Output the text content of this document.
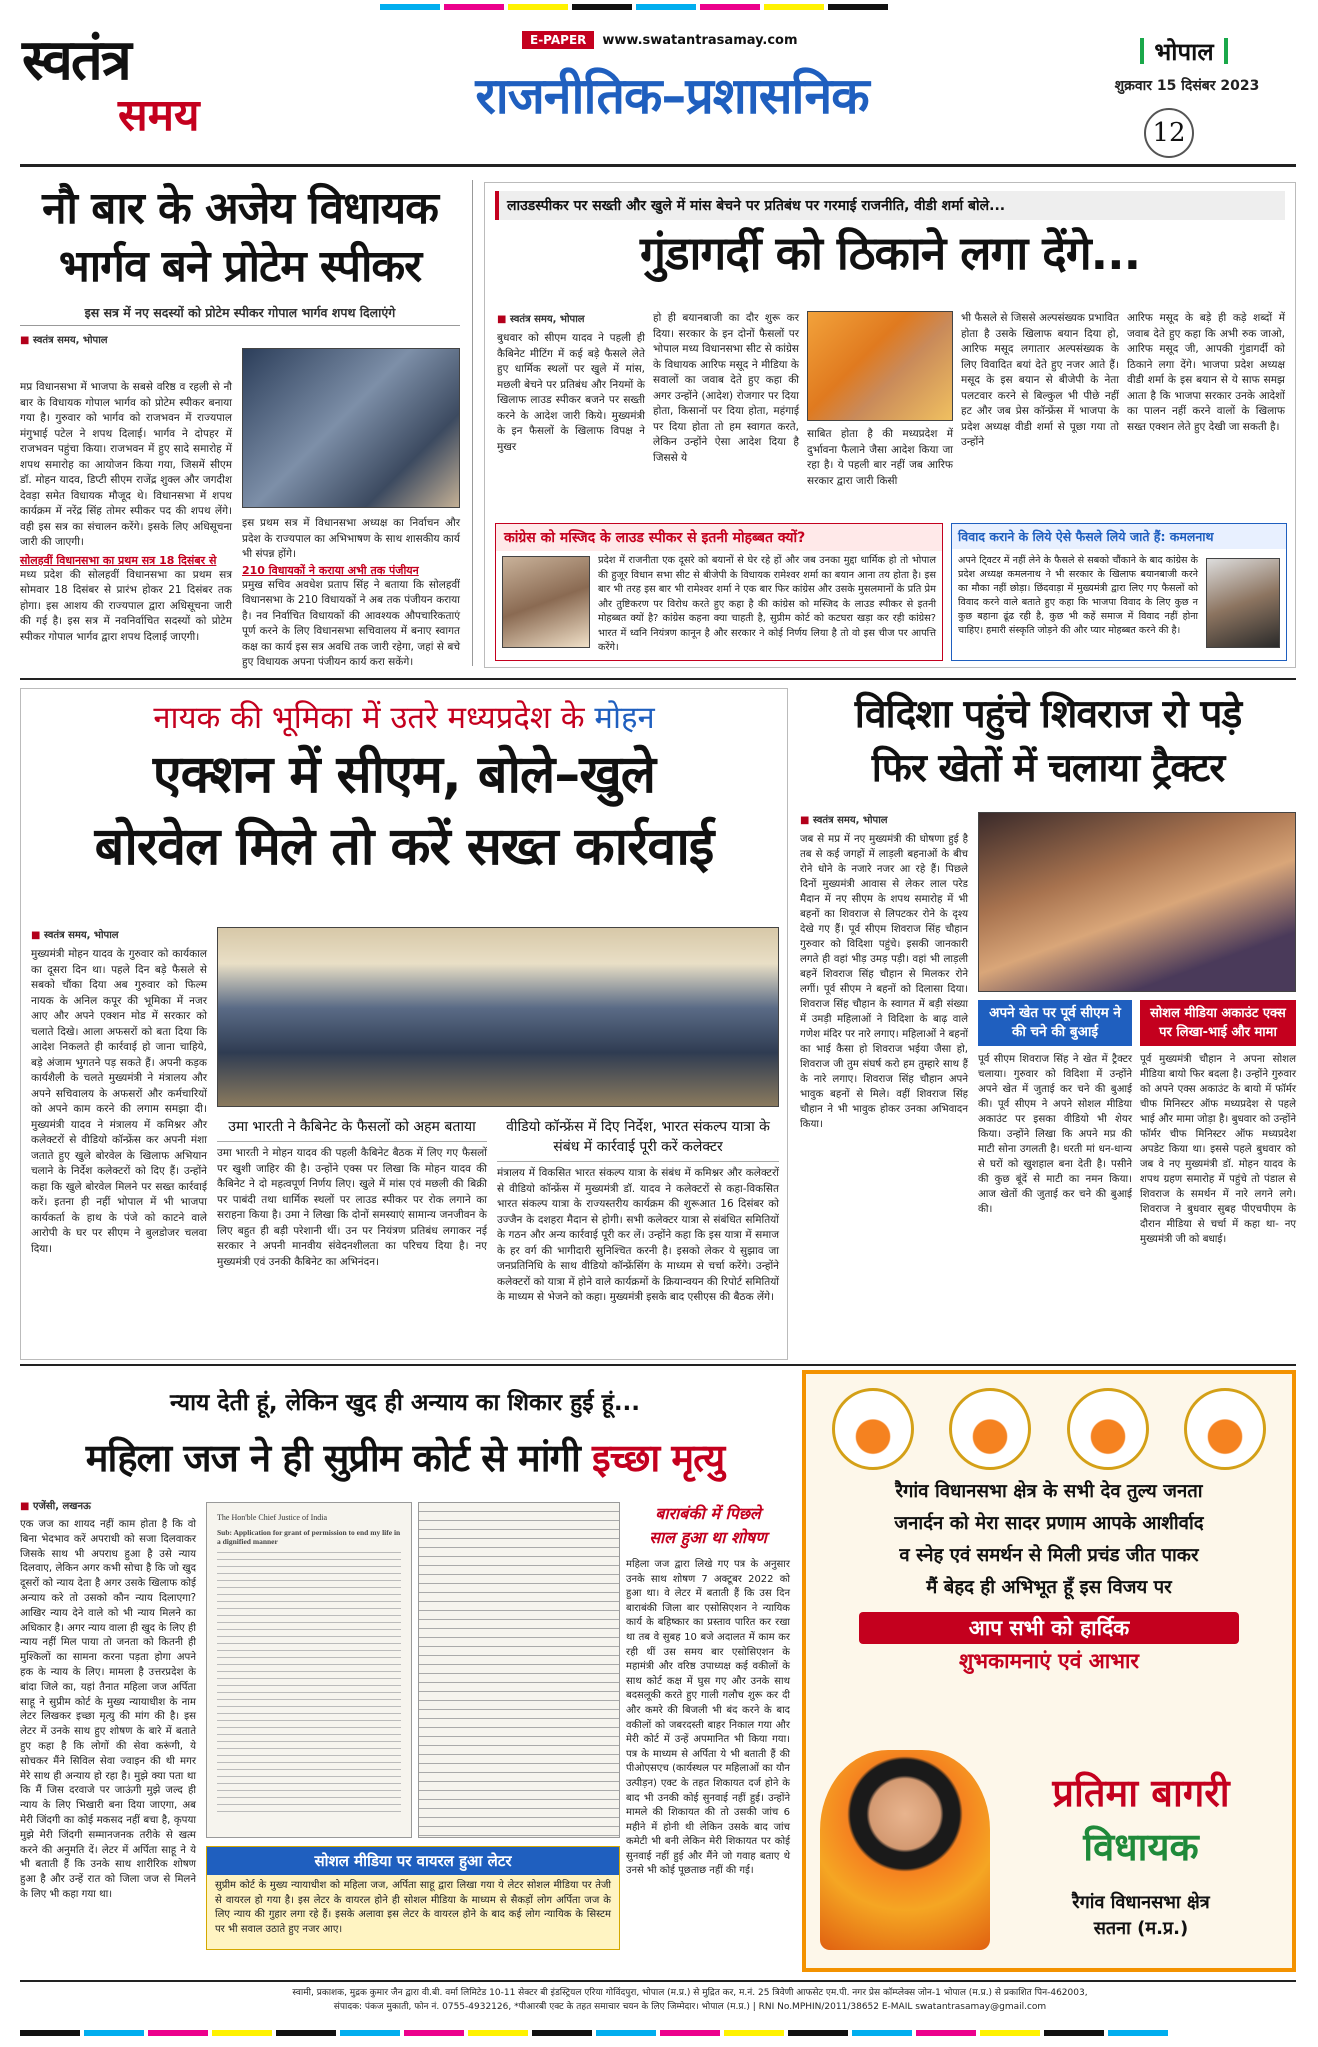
स्वतंत्र
समय
E-PAPER	www.swatantrasamay.com
राजनीतिक–प्रशासनिक
भोपाल
शुक्रवार 15 दिसंबर 2023
12
नौ बार के अजेय विधायक
भार्गव बने प्रोटेम स्पीकर
इस सत्र में नए सदस्यों को प्रोटेम स्पीकर गोपाल भार्गव शपथ दिलाएंगे
■ स्वतंत्र समय, भोपाल
मप्र विधानसभा में भाजपा के सबसे वरिष्ठ व रहली से नौ बार के विधायक गोपाल भार्गव को प्रोटेम स्पीकर बनाया गया है। गुरुवार को भार्गव को राजभवन में राज्यपाल मंगुभाई पटेल ने शपथ दिलाई। भार्गव ने दोपहर में राजभवन पहुंचा किया। राजभवन में हुए सादे समारोह में शपथ समारोह का आयोजन किया गया, जिसमें सीएम डॉ. मोहन यादव, डिप्टी सीएम राजेंद्र शुक्ल और जगदीश देवड़ा समेत विधायक मौजूद थे। विधानसभा में शपथ कार्यक्रम में नरेंद्र सिंह तोमर स्पीकर पद की शपथ लेंगे। वही इस सत्र का संचालन करेंगे। इसके लिए अधिसूचना जारी की जाएगी।
सोलहवीं विधानसभा का प्रथम सत्र 18 दिसंबर से
मध्य प्रदेश की सोलहवीं विधानसभा का प्रथम सत्र सोमवार 18 दिसंबर से प्रारंभ होकर 21 दिसंबर तक होगा। इस आशय की राज्यपाल द्वारा अधिसूचना जारी की गई है। इस सत्र में नवनिर्वाचित सदस्यों को प्रोटेम स्पीकर गोपाल भार्गव द्वारा शपथ दिलाई जाएगी।
इस प्रथम सत्र में विधानसभा अध्यक्ष का निर्वाचन और प्रदेश के राज्यपाल का अभिभाषण के साथ शासकीय कार्य भी संपन्न होंगे।
210 विधायकों ने कराया अभी तक पंजीयन
प्रमुख सचिव अवधेश प्रताप सिंह ने बताया कि सोलहवीं विधानसभा के 210 विधायकों ने अब तक पंजीयन कराया है। नव निर्वाचित विधायकों की आवश्यक औपचारिकताएं पूर्ण करने के लिए विधानसभा सचिवालय में बनाए स्वागत कक्ष का कार्य इस सत्र अवधि तक जारी रहेगा, जहां से बचे हुए विधायक अपना पंजीयन कार्य करा सकेंगे।
लाउडस्पीकर पर सख्ती और खुले में मांस बेचने पर प्रतिबंध पर गरमाई राजनीति, वीडी शर्मा बोले...
गुंडागर्दी को ठिकाने लगा देंगे...
■ स्वतंत्र समय, भोपाल
बुधवार को सीएम यादव ने पहली ही कैबिनेट मीटिंग में कई बड़े फैसले लेते हुए धार्मिक स्थलों पर खुले में मांस, मछली बेचने पर प्रतिबंध और नियमों के खिलाफ लाउड स्पीकर बजने पर सख्ती करने के आदेश जारी किये। मुख्यमंत्री के इन फैसलों के खिलाफ विपक्ष ने मुखर
हो ही बयानबाजी का दौर शुरू कर दिया। सरकार के इन दोनों फैसलों पर भोपाल मध्य विधानसभा सीट से कांग्रेस के विधायक आरिफ मसूद ने मीडिया के सवालों का जवाब देते हुए कहा की अगर उन्होंने (आदेश) रोजगार पर दिया होता, किसानों पर दिया होता, महंगाई पर दिया होता तो हम स्वागत करते, लेकिन उन्होंने ऐसा आदेश दिया है जिससे ये
साबित होता है की मध्यप्रदेश में दुर्भावना फैलाने जैसा आदेश किया जा रहा है। ये पहली बार नहीं जब आरिफ सरकार द्वारा जारी किसी
भी फैसले से जिससे अल्पसंख्यक प्रभावित होता है उसके खिलाफ बयान दिया हो, आरिफ मसूद लगातार अल्पसंख्यक के लिए विवादित बयां देते हुए नजर आते हैं। मसूद के इस बयान से बीजेपी के नेता पलटवार करने से बिल्कुल भी पीछे नहीं हट और जब प्रेस कॉन्फ्रेंस में भाजपा के प्रदेश अध्यक्ष वीडी शर्मा से पूछा गया तो उन्होंने
आरिफ मसूद के बड़े ही कड़े शब्दों में जवाब देते हुए कहा कि अभी रुक जाओ, आरिफ मसूद जी, आपकी गुंडागर्दी को ठिकाने लगा देंगे। भाजपा प्रदेश अध्यक्ष वीडी शर्मा के इस बयान से ये साफ समझ आता है कि भाजपा सरकार उनके आदेशों का पालन नहीं करने वालों के खिलाफ सख्त एक्शन लेते हुए देखी जा सकती है।
कांग्रेस को मस्जिद के लाउड स्पीकर से इतनी मोहब्बत क्यों?
प्रदेश में राजनीता एक दूसरे को बयानों से घेर रहे हों और जब उनका मुद्दा धार्मिक हो तो भोपाल की हुजूर विधान सभा सीट से बीजेपी के विधायक रामेश्वर शर्मा का बयान आना तय होता है। इस बार भी तरह इस बार भी रामेश्वर शर्मा ने एक बार फिर कांग्रेस और उसके मुसलमानों के प्रति प्रेम और तुष्टिकरण पर विरोध करते हुए कहा है की कांग्रेस को मस्जिद के लाउड स्पीकर से इतनी मोहब्बत क्यों है? कांग्रेस कहना क्या चाहती है, सुप्रीम कोर्ट को कटघरा खड़ा कर रही कांग्रेस? भारत में ध्वनि नियंत्रण कानून है और सरकार ने कोई निर्णय लिया है तो वो इस चीज पर आपत्ति करेंगे।
विवाद कराने के लिये ऐसे फैसले लिये जाते हैं: कमलनाथ
अपने टि्वटर में नहीं लेने के फैसले से सबको चौंकाने के बाद कांग्रेस के प्रदेश अध्यक्ष कमलनाथ ने भी सरकार के खिलाफ बयानबाजी करने का मौका नहीं छोड़ा। छिंदवाड़ा में मुख्यमंत्री द्वारा लिए गए फैसलों को विवाद करने वाले बताते हुए कहा कि भाजपा विवाद के लिए कुछ न कुछ बहाना ढूंढ रही है, कुछ भी कहें समाज में विवाद नहीं होना चाहिए। हमारी संस्कृति जोड़ने की और प्यार मोहब्बत करने की है।
नायक की भूमिका में उतरे मध्यप्रदेश के मोहन
एक्शन में सीएम, बोले–खुले
बोरवेल मिले तो करें सख्त कार्रवाई
■ स्वतंत्र समय, भोपाल
मुख्यमंत्री मोहन यादव के गुरुवार को कार्यकाल का दूसरा दिन था। पहले दिन बड़े फैसले से सबको चौंका दिया अब गुरुवार को फिल्म नायक के अनिल कपूर की भूमिका में नजर आए और अपने एक्शन मोड में सरकार को चलाते दिखे। आला अफसरों को बता दिया कि आदेश निकलते ही कार्रवाई हो जाना चाहिये, बड़े अंजाम भुगतने पड़ सकते हैं। अपनी कड़क कार्यशैली के चलते मुख्यमंत्री ने मंत्रालय और अपने सचिवालय के अफसरों और कर्मचारियों को अपने काम करने की लगाम समझा दी। मुख्यमंत्री यादव ने मंत्रालय में कमिश्नर और कलेक्टरों से वीडियो कॉन्फ्रेंस कर अपनी मंशा जताते हुए खुले बोरवेल के खिलाफ अभियान चलाने के निर्देश कलेक्टरों को दिए हैं। उन्होंने कहा कि खुले बोरवेल मिलने पर सख्त कार्रवाई करें। इतना ही नहीं भोपाल में भी भाजपा कार्यकर्ता के हाथ के पंजे को काटने वाले आरोपी के घर पर सीएम ने बुलडोजर चलवा दिया।
उमा भारती ने कैबिनेट के फैसलों को अहम बताया
उमा भारती ने मोहन यादव की पहली कैबिनेट बैठक में लिए गए फैसलों पर खुशी जाहिर की है। उन्होंने एक्स पर लिखा कि मोहन यादव की कैबिनेट ने दो महत्वपूर्ण निर्णय लिए। खुले में मांस एवं मछली की बिक्री पर पाबंदी तथा धार्मिक स्थलों पर लाउड स्पीकर पर रोक लगाने का सराहना किया है। उमा ने लिखा कि दोनों समस्याएं सामान्य जनजीवन के लिए बहुत ही बड़ी परेशानी थीं। उन पर नियंत्रण प्रतिबंध लगाकर नई सरकार ने अपनी मानवीय संवेदनशीलता का परिचय दिया है। नए मुख्यमंत्री एवं उनकी कैबिनेट का अभिनंदन।
वीडियो कॉन्फ्रेंस में दिए निर्देश, भारत संकल्प यात्रा के संबंध में कार्रवाई पूरी करें कलेक्टर
मंत्रालय में विकसित भारत संकल्प यात्रा के संबंध में कमिश्नर और कलेक्टरों से वीडियो कॉन्फ्रेंस में मुख्यमंत्री डॉ. यादव ने कलेक्टरों से कहा-विकसित भारत संकल्प यात्रा के राज्यस्तरीय कार्यक्रम की शुरूआत 16 दिसंबर को उज्जैन के दशहरा मैदान से होगी। सभी कलेक्टर यात्रा से संबंधित समितियों के गठन और अन्य कार्रवाई पूरी कर लें। उन्होंने कहा कि इस यात्रा में समाज के हर वर्ग की भागीदारी सुनिश्चित करनी है। इसको लेकर ये सुझाव जा जनप्रतिनिधि के साथ वीडियो कॉन्फ्रेंसिंग के माध्यम से चर्चा करेंगे। उन्होंने कलेक्टरों को यात्रा में होने वाले कार्यक्रमों के क्रियान्वयन की रिपोर्ट समितियों के माध्यम से भेजने को कहा। मुख्यमंत्री इसके बाद एसीएस की बैठक लेंगे।
विदिशा पहुंचे शिवराज रो पड़े
फिर खेतों में चलाया ट्रैक्टर
■ स्वतंत्र समय, भोपाल
जब से मप्र में नए मुख्यमंत्री की घोषणा हुई है तब से कई जगहों में लाड़ली बहनाओं के बीच रोने धोने के नजारे नजर आ रहे हैं। पिछले दिनों मुख्यमंत्री आवास से लेकर लाल परेड मैदान में नए सीएम के शपथ समारोह में भी बहनों का शिवराज से लिपटकर रोने के दृश्य देखे गए हैं। पूर्व सीएम शिवराज सिंह चौहान गुरुवार को विदिशा पहुंचे। इसकी जानकारी लगते ही वहां भीड़ उमड़ पड़ी। वहां भी लाड़ली बहनें शिवराज सिंह चौहान से मिलकर रोने लगीं। पूर्व सीएम ने बहनों को दिलासा दिया। शिवराज सिंह चौहान के स्वागत में बड़ी संख्या में उमड़ी महिलाओं ने विदिशा के बाढ़ वाले गणेश मंदिर पर नारे लगाए। महिलाओं ने बहनों का भाई कैसा हो शिवराज भईया जैसा हो, शिवराज जी तुम संघर्ष करो हम तुम्हारे साथ हैं के नारे लगाए। शिवराज सिंह चौहान अपने भावुक बहनों से मिले। वहीं शिवराज सिंह चौहान ने भी भावुक होकर उनका अभिवादन किया।
अपने खेत पर पूर्व सीएम ने की चने की बुआई
पूर्व सीएम शिवराज सिंह ने खेत में ट्रैक्टर चलाया। गुरुवार को विदिशा में उन्होंने अपने खेत में जुताई कर चने की बुआई की। पूर्व सीएम ने अपने सोशल मीडिया अकाउंट पर इसका वीडियो भी शेयर किया। उन्होंने लिखा कि अपने मप्र की माटी सोना उगलती है। धरती मां धन-धान्य से घरों को खुशहाल बना देती है। पसीने की कुछ बूंदें से माटी का नमन किया। आज खेतों की जुताई कर चने की बुआई की।
सोशल मीडिया अकाउंट एक्स पर लिखा-भाई और मामा
पूर्व मुख्यमंत्री चौहान ने अपना सोशल मीडिया बायो फिर बदला है। उन्होंने गुरुवार को अपने एक्स अकाउंट के बायो में फॉर्मर चीफ मिनिस्टर ऑफ मध्यप्रदेश से पहले भाई और मामा जोड़ा है। बुधवार को उन्होंने फॉर्मर चीफ मिनिस्टर ऑफ मध्यप्रदेश अपडेट किया था। इससे पहले बुधवार को जब वे नए मुख्यमंत्री डॉ. मोहन यादव के शपथ ग्रहण समारोह में पहुंचे तो पंडाल से शिवराज के समर्थन में नारे लगने लगे। शिवराज ने बुधवार सुबह पीएचपीएम के दौरान मीडिया से चर्चा में कहा था- नए मुख्यमंत्री जी को बधाई।
न्याय देती हूं, लेकिन खुद ही अन्याय का शिकार हुई हूं...
महिला जज ने ही सुप्रीम कोर्ट से मांगी इच्छा मृत्यु
■ एजेंसी, लखनऊ
एक जज का शायद नहीं काम होता है कि वो बिना भेदभाव करें अपराधी को सजा दिलवाकर जिसके साथ भी अपराध हुआ है उसे न्याय दिलवाए, लेकिन अगर कभी सोचा है कि जो खुद दूसरों को न्याय देता है अगर उसके खिलाफ कोई अन्याय करे तो उसको कौन न्याय दिलाएगा? आखिर न्याय देने वाले को भी न्याय मिलने का अधिकार है। अगर न्याय वाला ही खुद के लिए ही न्याय नहीं मिल पाया तो जनता को कितनी ही मुश्किलों का सामना करना पड़ता होगा अपने हक के न्याय के लिए। मामला है उत्तरप्रदेश के बांदा जिले का, यहां तैनात महिला जज अर्पिता साहू ने सुप्रीम कोर्ट के मुख्य न्यायाधीश के नाम लेटर लिखकर इच्छा मृत्यु की मांग की है। इस लेटर में उनके साथ हुए शोषण के बारे में बताते हुए कहा है कि लोगों की सेवा करूंगी, ये सोचकर मैंने सिविल सेवा ज्वाइन की थी मगर मेरे साथ ही अन्याय हो रहा है। मुझे क्या पता था कि मैं जिस दरवाजे पर जाऊंगी मुझे जल्द ही न्याय के लिए भिखारी बना दिया जाएगा, अब मेरी जिंदगी का कोई मकसद नहीं बचा है, कृपया मुझे मेरी जिंदगी सम्मानजनक तरीके से खत्म करने की अनुमति दें। लेटर में अर्पिता साहू ने ये भी बताती हैं कि उनके साथ शारीरिक शोषण हुआ है और उन्हें रात को जिला जज से मिलने के लिए भी कहा गया था।
The Hon'ble Chief Justice of India
Sub: Application for grant of permission to end my life in a dignified manner
बाराबंकी में पिछले
साल हुआ था शोषण
महिला जज द्वारा लिखे गए पत्र के अनुसार उनके साथ शोषण 7 अक्टूबर 2022 को हुआ था। वे लेटर में बताती हैं कि उस दिन बाराबंकी जिला बार एसोसिएशन ने न्यायिक कार्य के बहिष्कार का प्रस्ताव पारित कर रखा था तब वे सुबह 10 बजे अदालत में काम कर रही थीं उस समय बार एसोसिएशन के महामंत्री और वरिष्ठ उपाध्यक्ष कई वकीलों के साथ कोर्ट कक्ष में घुस गए और उनके साथ बदसलूकी करते हुए गाली गलौच शुरू कर दी और कमरे की बिजली भी बंद करने के बाद वकीलों को जबरदस्ती बाहर निकाल गया और मेरी कोर्ट में उन्हें अपमानित भी किया गया। पत्र के माध्यम से अर्पिता ये भी बताती हैं की पीओएसएच (कार्यस्थल पर महिलाओं का यौन उत्पीड़न) एक्ट के तहत शिकायत दर्ज होने के बाद भी उनकी कोई सुनवाई नहीं हुई। उन्होंने मामले की शिकायत की तो उसकी जांच 6 महीने में होनी थी लेकिन उसके बाद जांच कमेटी भी बनी लेकिन मेरी शिकायत पर कोई सुनवाई नहीं हुई और मैंने जो गवाह बताए थे उनसे भी कोई पूछताछ नहीं की गई।
सोशल मीडिया पर वायरल हुआ लेटर
सुप्रीम कोर्ट के मुख्य न्यायाधीश को महिला जज, अर्पिता साहू द्वारा लिखा गया ये लेटर सोशल मीडिया पर तेजी से वायरल हो गया है। इस लेटर के वायरल होने ही सोशल मीडिया के माध्यम से सैकड़ों लोग अर्पिता जज के लिए न्याय की गुहार लगा रहे हैं। इसके अलावा इस लेटर के वायरल होने के बाद कई लोग न्यायिक के सिस्टम पर भी सवाल उठाते हुए नजर आए।
रैगांव विधानसभा क्षेत्र के सभी देव तुल्य जनता
जनार्दन को मेरा सादर प्रणाम आपके आशीर्वाद
व स्नेह एवं समर्थन से मिली प्रचंड जीत पाकर
मैं बेहद ही अभिभूत हूँ इस विजय पर
आप सभी को हार्दिक
शुभकामनाएं एवं आभार
प्रतिमा बागरी
विधायक
रैगांव विधानसभा क्षेत्र
सतना (म.प्र.)
स्वामी, प्रकाशक, मुद्रक कुमार जैन द्वारा वी.बी. वर्मा लिमिटेड 10-11 सेक्टर बी इंडस्ट्रियल एरिया गोविंदपुरा, भोपाल (म.प्र.) से मुद्रित कर, म.नं. 25 त्रिवेणी आफसेट एम.पी. नगर प्रेस कॉम्प्लेक्स जोन-1 भोपाल (म.प्र.) से प्रकाशित पिन-462003,
संपादक: पंकज मुकाती, फोन नं. 0755-4932126, *पीआरबी एक्ट के तहत समाचार चयन के लिए जिम्मेदार। भोपाल (म.प्र.) | RNI No.MPHIN/2011/38652 E-MAIL swatantrasamay@gmail.com
